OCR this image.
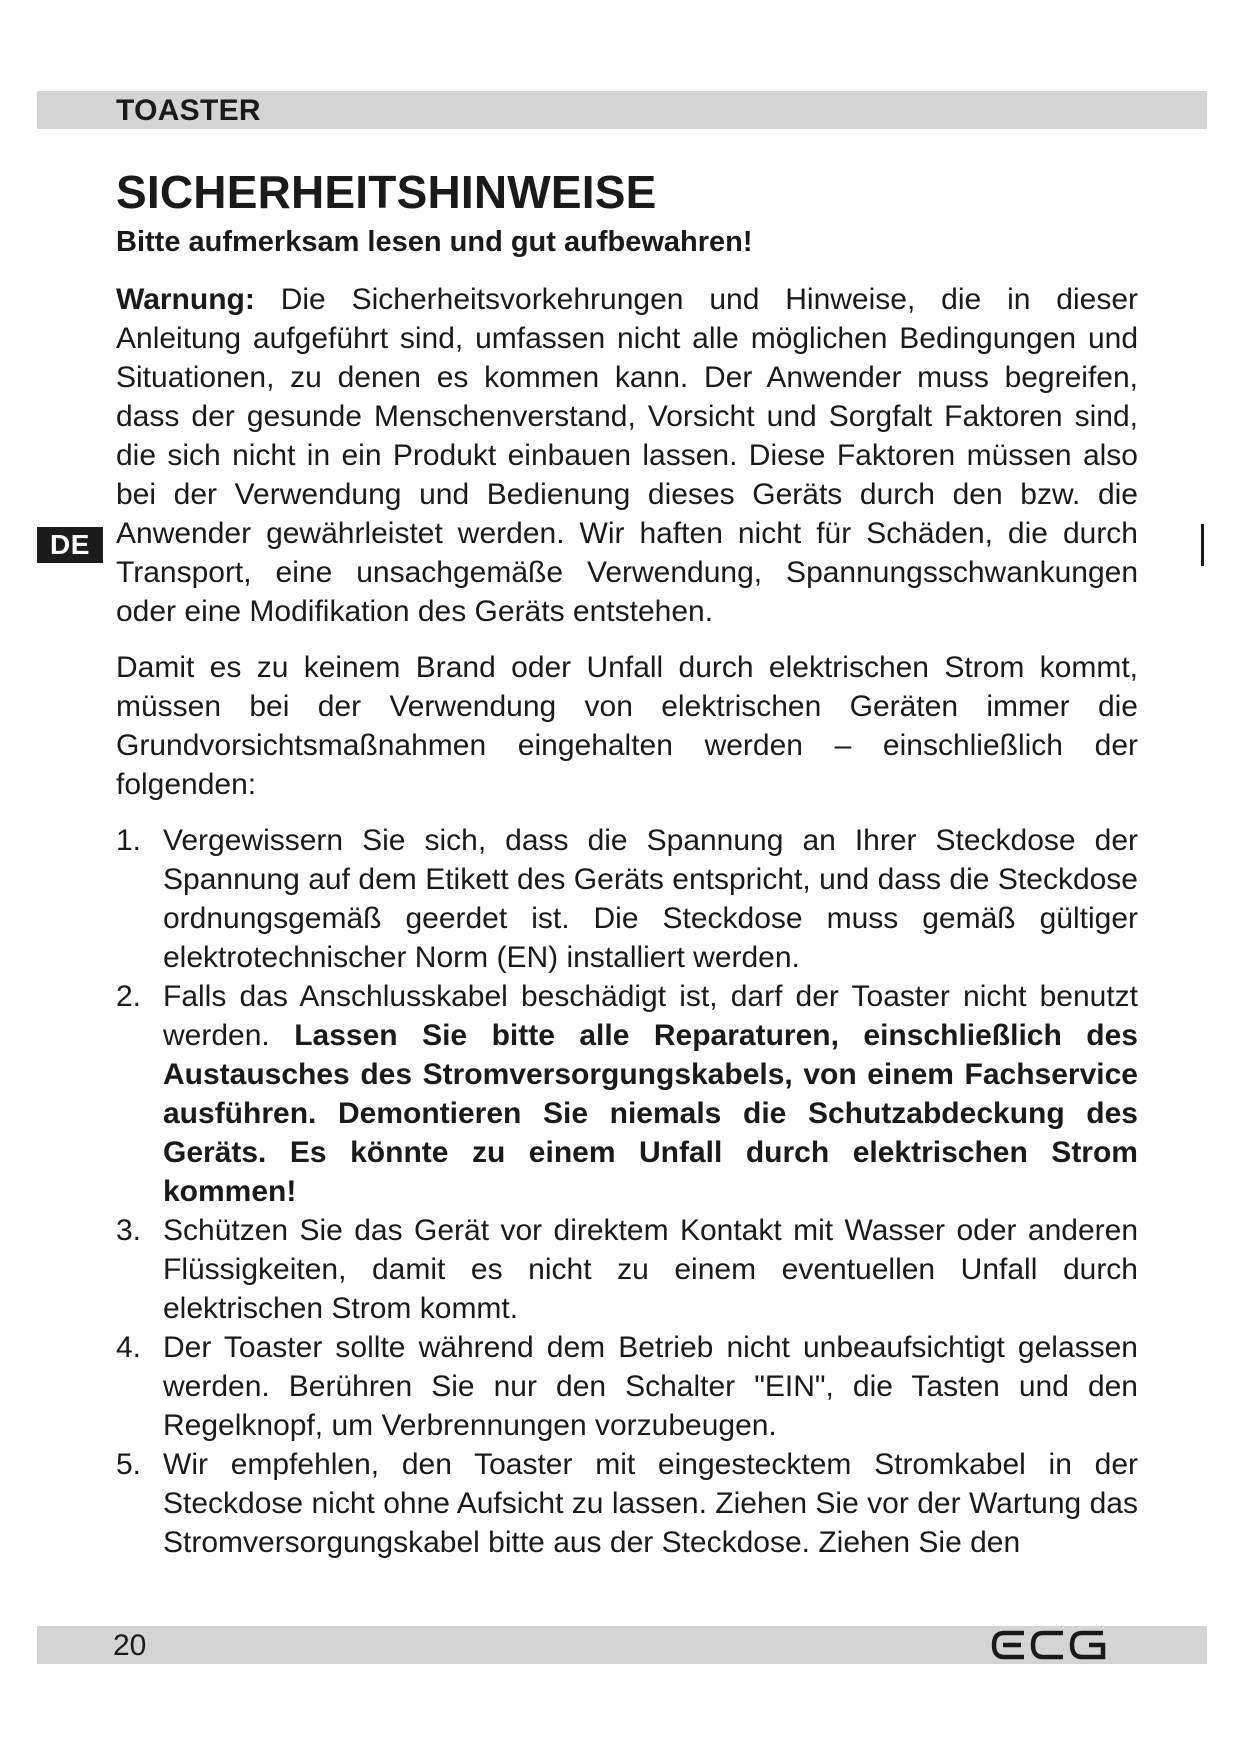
TOASTER
SICHERHEITSHINWEISE

Bitte aufmerksam lesen und gut aufbewahren!

Warnung: Die Sicherheitsvorkehrungen und Hinweise, die in dieser Anleitung aufgeführt sind, umfassen nicht alle möglichen Bedingungen und Situationen, zu denen es kommen kann. Der Anwender muss begreifen, dass der gesunde Menschenverstand, Vorsicht und Sorgfalt Faktoren sind, die sich nicht in ein Produkt einbauen lassen. Diese Faktoren müssen also bei der Verwendung und Bedienung dieses Geräts durch den bzw. die Anwender gewährleistet werden. Wir haften nicht für Schäden, die durch Transport, eine unsachgemäße Verwendung, Spannungsschwankungen oder eine Modifikation des Geräts entstehen.

Damit es zu keinem Brand oder Unfall durch elektrischen Strom kommt, müssen bei der Verwendung von elektrischen Geräten immer die Grundvorsichtsmaßnahmen eingehalten werden – einschließlich der folgenden:

1. Vergewissern Sie sich, dass die Spannung an Ihrer Steckdose der Spannung auf dem Etikett des Geräts entspricht, und dass die Steckdose ordnungsgemäß geerdet ist. Die Steckdose muss gemäß gültiger elektrotechnischer Norm (EN) installiert werden.
2. Falls das Anschlusskabel beschädigt ist, darf der Toaster nicht benutzt werden. Lassen Sie bitte alle Reparaturen, einschließlich des Austausches des Stromversorgungskabels, von einem Fachservice ausführen. Demontieren Sie niemals die Schutzabdeckung des Geräts. Es könnte zu einem Unfall durch elektrischen Strom kommen!
3. Schützen Sie das Gerät vor direktem Kontakt mit Wasser oder anderen Flüssigkeiten, damit es nicht zu einem eventuellen Unfall durch elektrischen Strom kommt.
4. Der Toaster sollte während dem Betrieb nicht unbeaufsichtigt gelassen werden. Berühren Sie nur den Schalter "EIN", die Tasten und den Regelknopf, um Verbrennungen vorzubeugen.
5. Wir empfehlen, den Toaster mit eingestecktem Stromkabel in der Steckdose nicht ohne Aufsicht zu lassen. Ziehen Sie vor der Wartung das Stromversorgungskabel bitte aus der Steckdose. Ziehen Sie den
DE
20
